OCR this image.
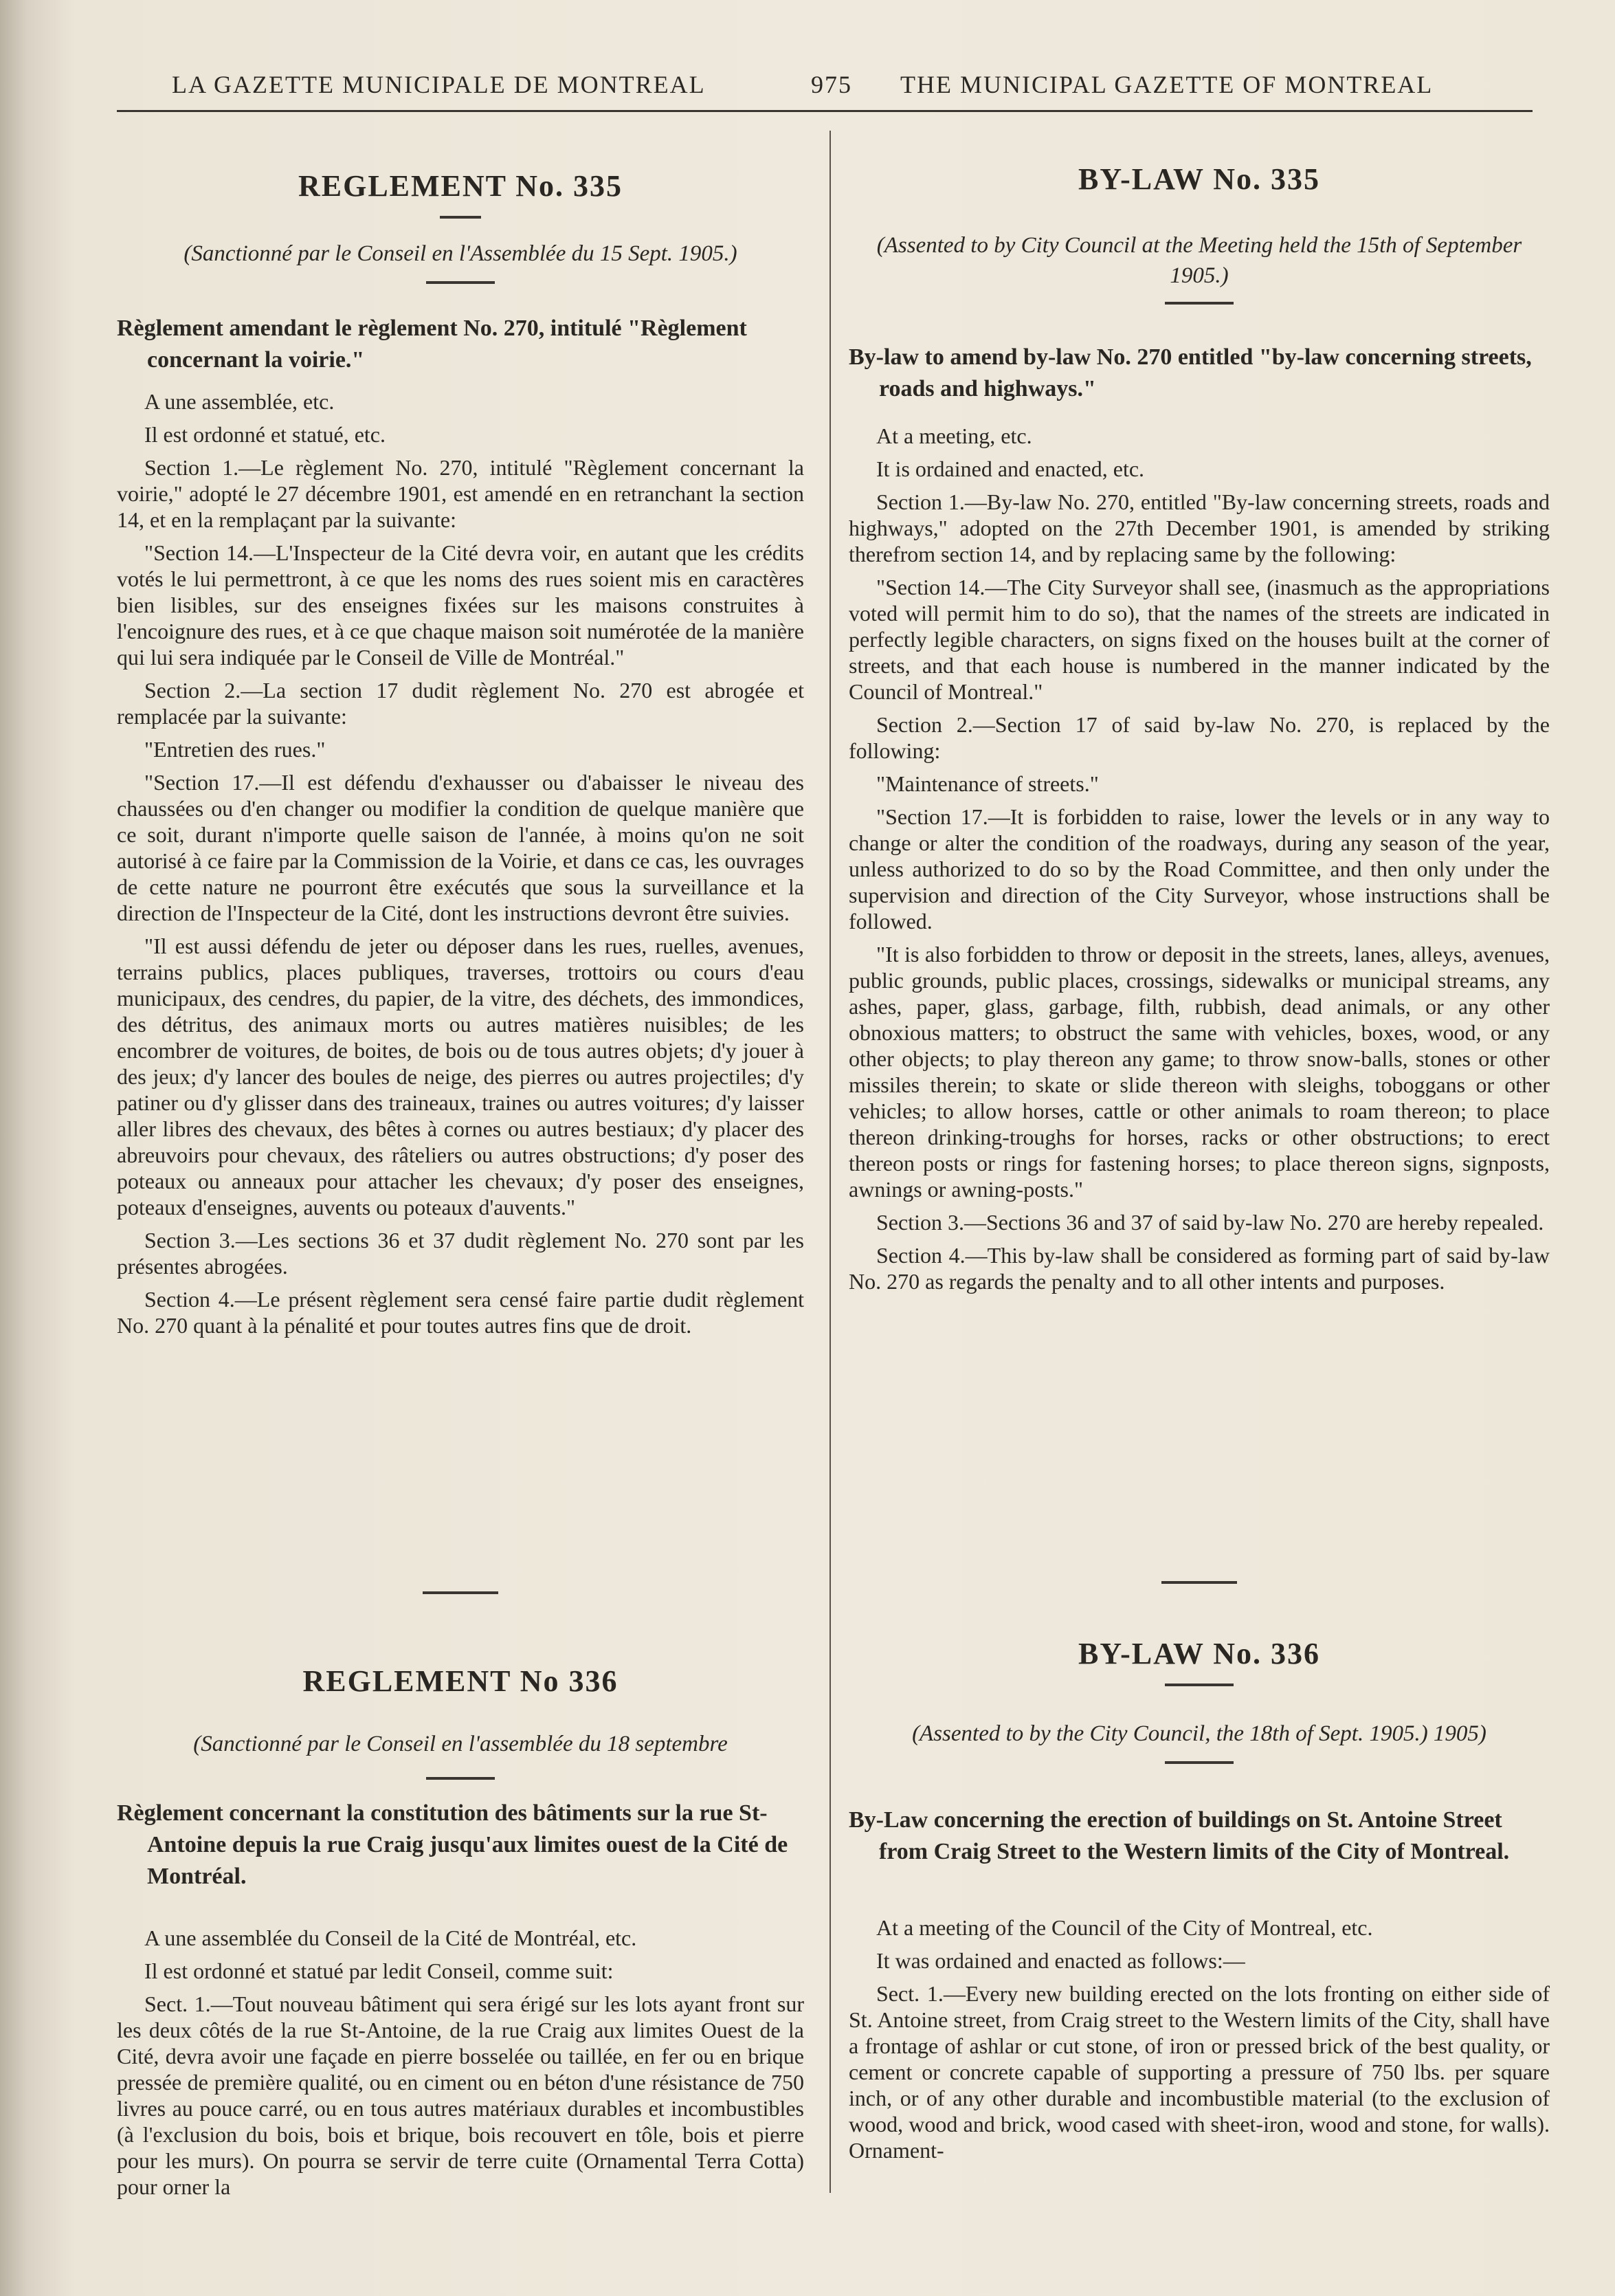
LA GAZETTE MUNICIPALE DE MONTREAL	975 THE MUNICIPAL GAZETTE OF MONTREAL
REGLEMENT No. 335
(Sanctionné par le Conseil en l'Assemblée du 15 Sept. 1905.)
Règlement amendant le règlement No. 270, intitulé "Règlement concernant la voirie."

A une assemblée, etc.

Il est ordonné et statué, etc.

Section 1.—Le règlement No. 270, intitulé "Règlement concernant la voirie," adopté le 27 décembre 1901, est amendé en en retranchant la section 14, et en la remplaçant par la suivante:

"Section 14.—L'Inspecteur de la Cité devra voir, en autant que les crédits votés le lui permettront, à ce que les noms des rues soient mis en caractères bien lisibles, sur des enseignes fixées sur les maisons construites à l'encoignure des rues, et à ce que chaque maison soit numérotée de la manière qui lui sera indiquée par le Conseil de Ville de Montréal."

Section 2.—La section 17 dudit règlement No. 270 est abrogée et remplacée par la suivante:

"Entretien des rues."

"Section 17.—Il est défendu d'exhausser ou d'abaisser le niveau des chaussées ou d'en changer ou modifier la condition de quelque manière que ce soit, durant n'importe quelle saison de l'année, à moins qu'on ne soit autorisé à ce faire par la Commission de la Voirie, et dans ce cas, les ouvrages de cette nature ne pourront être exécutés que sous la surveillance et la direction de l'Inspecteur de la Cité, dont les instructions devront être suivies.

"Il est aussi défendu de jeter ou déposer dans les rues, ruelles, avenues, terrains publics, places publiques, traverses, trottoirs ou cours d'eau municipaux, des cendres, du papier, de la vitre, des déchets, des immondices, des détritus, des animaux morts ou autres matières nuisibles; de les encombrer de voitures, de boites, de bois ou de tous autres objets; d'y jouer à des jeux; d'y lancer des boules de neige, des pierres ou autres projectiles; d'y patiner ou d'y glisser dans des traineaux, traines ou autres voitures; d'y laisser aller libres des chevaux, des bêtes à cornes ou autres bestiaux; d'y placer des abreuvoirs pour chevaux, des râteliers ou autres obstructions; d'y poser des poteaux ou anneaux pour attacher les chevaux; d'y poser des enseignes, poteaux d'enseignes, auvents ou poteaux d'auvents."

Section 3.—Les sections 36 et 37 dudit règlement No. 270 sont par les présentes abrogées.

Section 4.—Le présent règlement sera censé faire partie dudit règlement No. 270 quant à la pénalité et pour toutes autres fins que de droit.

REGLEMENT No 336
(Sanctionné par le Conseil en l'assemblée du 18 septembre
Règlement concernant la constitution des bâtiments sur la rue St-Antoine depuis la rue Craig jusqu'aux limites ouest de la Cité de Montréal.

A une assemblée du Conseil de la Cité de Montréal, etc.

Il est ordonné et statué par ledit Conseil, comme suit:

Sect. 1.—Tout nouveau bâtiment qui sera érigé sur les lots ayant front sur les deux côtés de la rue St-Antoine, de la rue Craig aux limites Ouest de la Cité, devra avoir une façade en pierre bosselée ou taillée, en fer ou en brique pressée de première qualité, ou en ciment ou en béton d'une résistance de 750 livres au pouce carré, ou en tous autres matériaux durables et incombustibles (à l'exclusion du bois, bois et brique, bois recouvert en tôle, bois et pierre pour les murs). On pourra se servir de terre cuite (Ornamental Terra Cotta) pour orner la

BY-LAW No. 335
(Assented to by City Council at the Meeting held the 15th of September 1905.)
By-law to amend by-law No. 270 entitled "by-law concerning streets, roads and highways."

At a meeting, etc.

It is ordained and enacted, etc.

Section 1.—By-law No. 270, entitled "By-law concerning streets, roads and highways," adopted on the 27th December 1901, is amended by striking therefrom section 14, and by replacing same by the following:

"Section 14.—The City Surveyor shall see, (inasmuch as the appropriations voted will permit him to do so), that the names of the streets are indicated in perfectly legible characters, on signs fixed on the houses built at the corner of streets, and that each house is numbered in the manner indicated by the Council of Montreal."

Section 2.—Section 17 of said by-law No. 270, is replaced by the following:

"Maintenance of streets."

"Section 17.—It is forbidden to raise, lower the levels or in any way to change or alter the condition of the roadways, during any season of the year, unless authorized to do so by the Road Committee, and then only under the supervision and direction of the City Surveyor, whose instructions shall be followed.

"It is also forbidden to throw or deposit in the streets, lanes, alleys, avenues, public grounds, public places, crossings, sidewalks or municipal streams, any ashes, paper, glass, garbage, filth, rubbish, dead animals, or any other obnoxious matters; to obstruct the same with vehicles, boxes, wood, or any other objects; to play thereon any game; to throw snow-balls, stones or other missiles therein; to skate or slide thereon with sleighs, toboggans or other vehicles; to allow horses, cattle or other animals to roam thereon; to place thereon drinking-troughs for horses, racks or other obstructions; to erect thereon posts or rings for fastening horses; to place thereon signs, signposts, awnings or awning-posts."

Section 3.—Sections 36 and 37 of said by-law No. 270 are hereby repealed.

Section 4.—This by-law shall be considered as forming part of said by-law No. 270 as regards the penalty and to all other intents and purposes.

BY-LAW No. 336
(Assented to by the City Council, the 18th of Sept. 1905.) 1905)
By-Law concerning the erection of buildings on St. Antoine Street from Craig Street to the Western limits of the City of Montreal.

At a meeting of the Council of the City of Montreal, etc.

It was ordained and enacted as follows:—

Sect. 1.—Every new building erected on the lots fronting on either side of St. Antoine street, from Craig street to the Western limits of the City, shall have a frontage of ashlar or cut stone, of iron or pressed brick of the best quality, or cement or concrete capable of supporting a pressure of 750 lbs. per square inch, or of any other durable and incombustible material (to the exclusion of wood, wood and brick, wood cased with sheet-iron, wood and stone, for walls). Ornament-
